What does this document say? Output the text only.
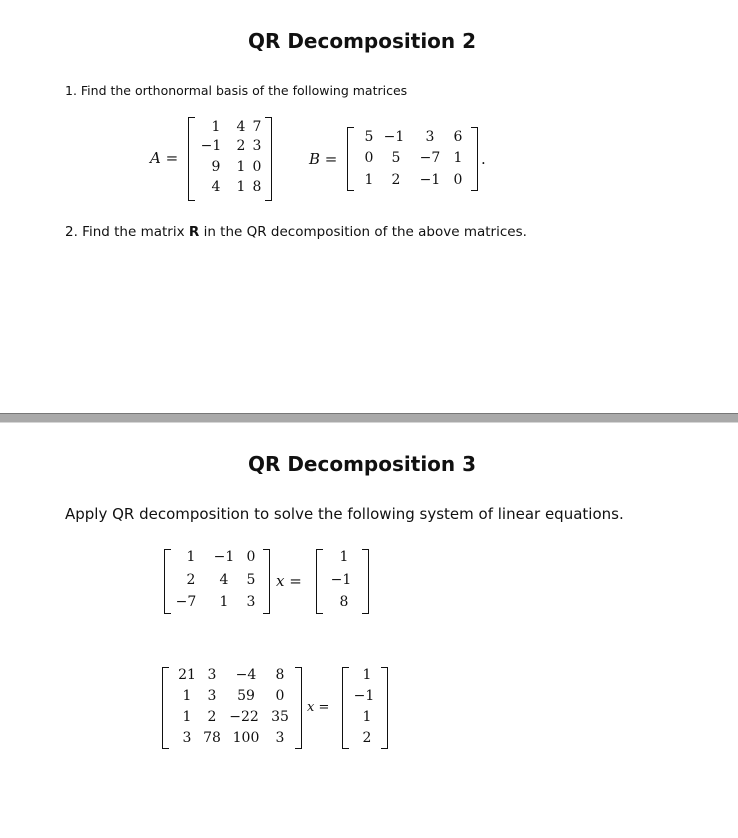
QR Decomposition 2
1. Find the orthonormal basis of the following matrices
A =
1 4 7
−1 2 3
9 1 0
4 1 8
B =
5 −1 3 6
0 5 −7 1
1 2 −1 0
.
2. Find the matrix R in the QR decomposition of the above matrices.
QR Decomposition 3
Apply QR decomposition to solve the following system of linear equations.
1 −1 0
2 4 5
−7 1 3
x =
1
−1
8
21 3 −4 8
1 3 59 0
1 2 −22 35
3 78 100 3
x =
1
−1
1
2
